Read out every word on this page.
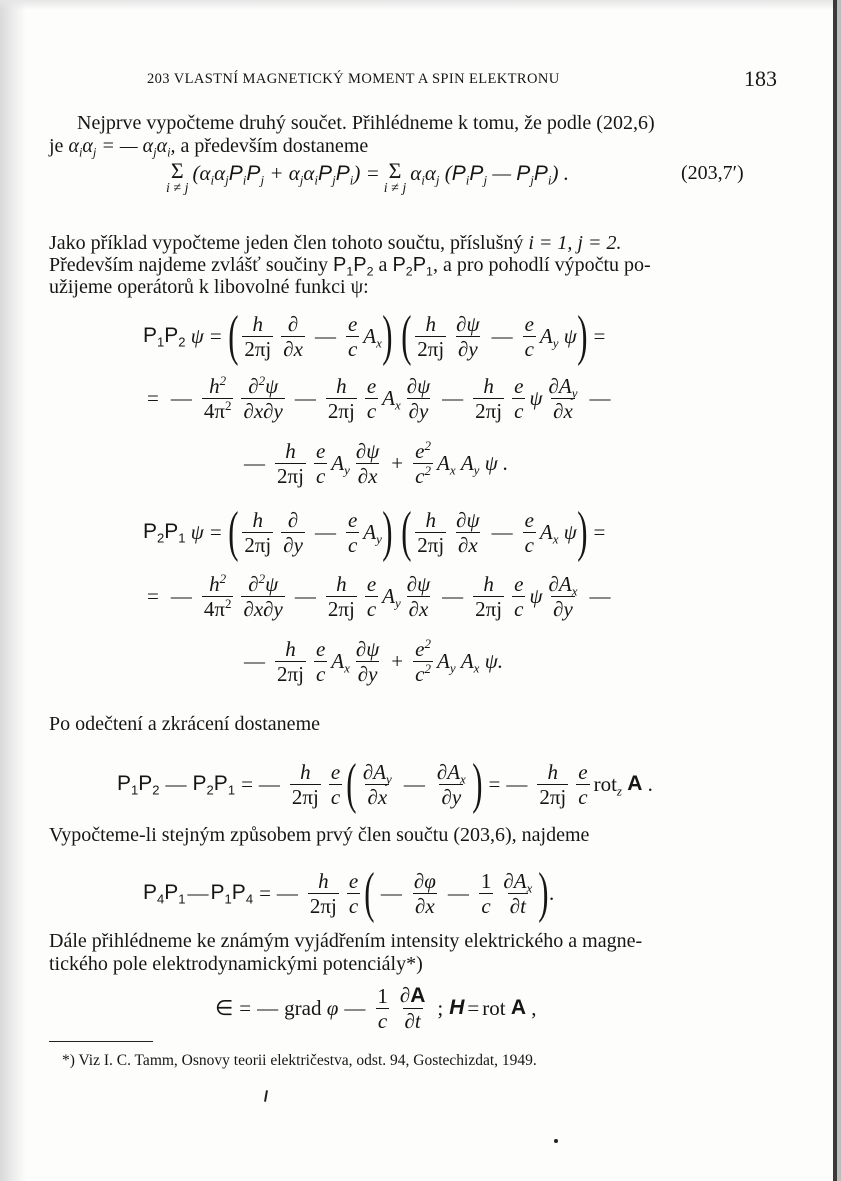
203 VLASTNÍ MAGNETICKÝ MOMENT A SPIN ELEKTRONU	183
Nejprve vypočteme druhý součet. Přihlédneme k tomu, že podle (202,6)
je $\alpha_i\alpha_j$ = — $\alpha_j\alpha_i$, a především dostaneme
Σ
i ≠ j
$(\alpha_i\alpha_jP_iP_j + \alpha_j\alpha_iP_jP_i) = \Sigma$
i ≠ j
$\alpha_i\alpha_j$ ($P_iP_j$ — $P_jP_i$) .	(203,7′)
Jako příklad vypočteme jeden člen tohoto součtu, příslušný i = 1, j = 2.
Především najdeme zvlášť součiny $P_1P_2$ a $P_2P_1$, a pro pohodlí výpočtu po-
užijeme operátorů k libovolné funkci ψ:
$P_1P_2$ ψ = ( $\frac{h}{2\pi j} \frac{\partial}{\partial x}$ — $\frac{e}{c} A_x$ ) ( $\frac{h}{2\pi j} \frac{\partial\psi}{\partial y}$ — $\frac{e}{c} A_y$ ψ ) =
= — $\frac{h^2}{4\pi^2} \frac{\partial^2\psi}{\partial x\partial y}$ — $\frac{h}{2\pi j} \frac{e}{c} A_x \frac{\partial\psi}{\partial y}$ — $\frac{h}{2\pi j} \frac{e}{c}$ ψ $\frac{\partial A_y}{\partial x}$ —
— $\frac{h}{2\pi j} \frac{e}{c} A_y \frac{\partial\psi}{\partial x} + \frac{e^2}{c^2} A_x$ $A_y$ ψ .
$P_2P_1$ ψ = ( $\frac{h}{2\pi j} \frac{\partial}{\partial y}$ — $\frac{e}{c} A_y$ ) ( $\frac{h}{2\pi j} \frac{\partial\psi}{\partial x}$ — $\frac{e}{c} A_x$ ψ ) =
= — $\frac{h^2}{4\pi^2} \frac{\partial^2\psi}{\partial x\partial y}$ — $\frac{h}{2\pi j} \frac{e}{c} A_y \frac{\partial\psi}{\partial x}$ — $\frac{h}{2\pi j} \frac{e}{c}$ ψ $\frac{\partial A_x}{\partial y}$ —
— $\frac{h}{2\pi j} \frac{e}{c} A_x \frac{\partial\psi}{\partial y} + \frac{e^2}{c^2} A_y$ $A_x$ ψ.
Po odečtení a zkrácení dostaneme
$P_1P_2$ — $P_2P_1$ = — $\frac{h}{2\pi j} \frac{e}{c}$ ( $\frac{\partial A_y}{\partial x}$ — $\frac{\partial A_x}{\partial y}$ ) = — $\frac{h}{2\pi j} \frac{e}{c} rot_z$ A .
Vypočteme-li stejným způsobem prvý člen součtu (203,6), najdeme
$P_4P_1$ — $P_1P_4$ = — $\frac{h}{2\pi j} \frac{e}{c}$ ( — $\frac{\partial\varphi}{\partial x}$ — $\frac{1}{c} \frac{\partial A_x}{\partial t}$ ) .
Dále přihlédneme ke známým vyjádřením intensity elektrického a magne-
tického pole elektrodynamickými potenciály*)
∈ = — grad φ — $\frac{1}{c} \frac{\partial A}{\partial t}$ ; H = rot A ,
*) Viz I. C. Tamm, Osnovy teorii električestva, odst. 94, Gostechizdat, 1949.
